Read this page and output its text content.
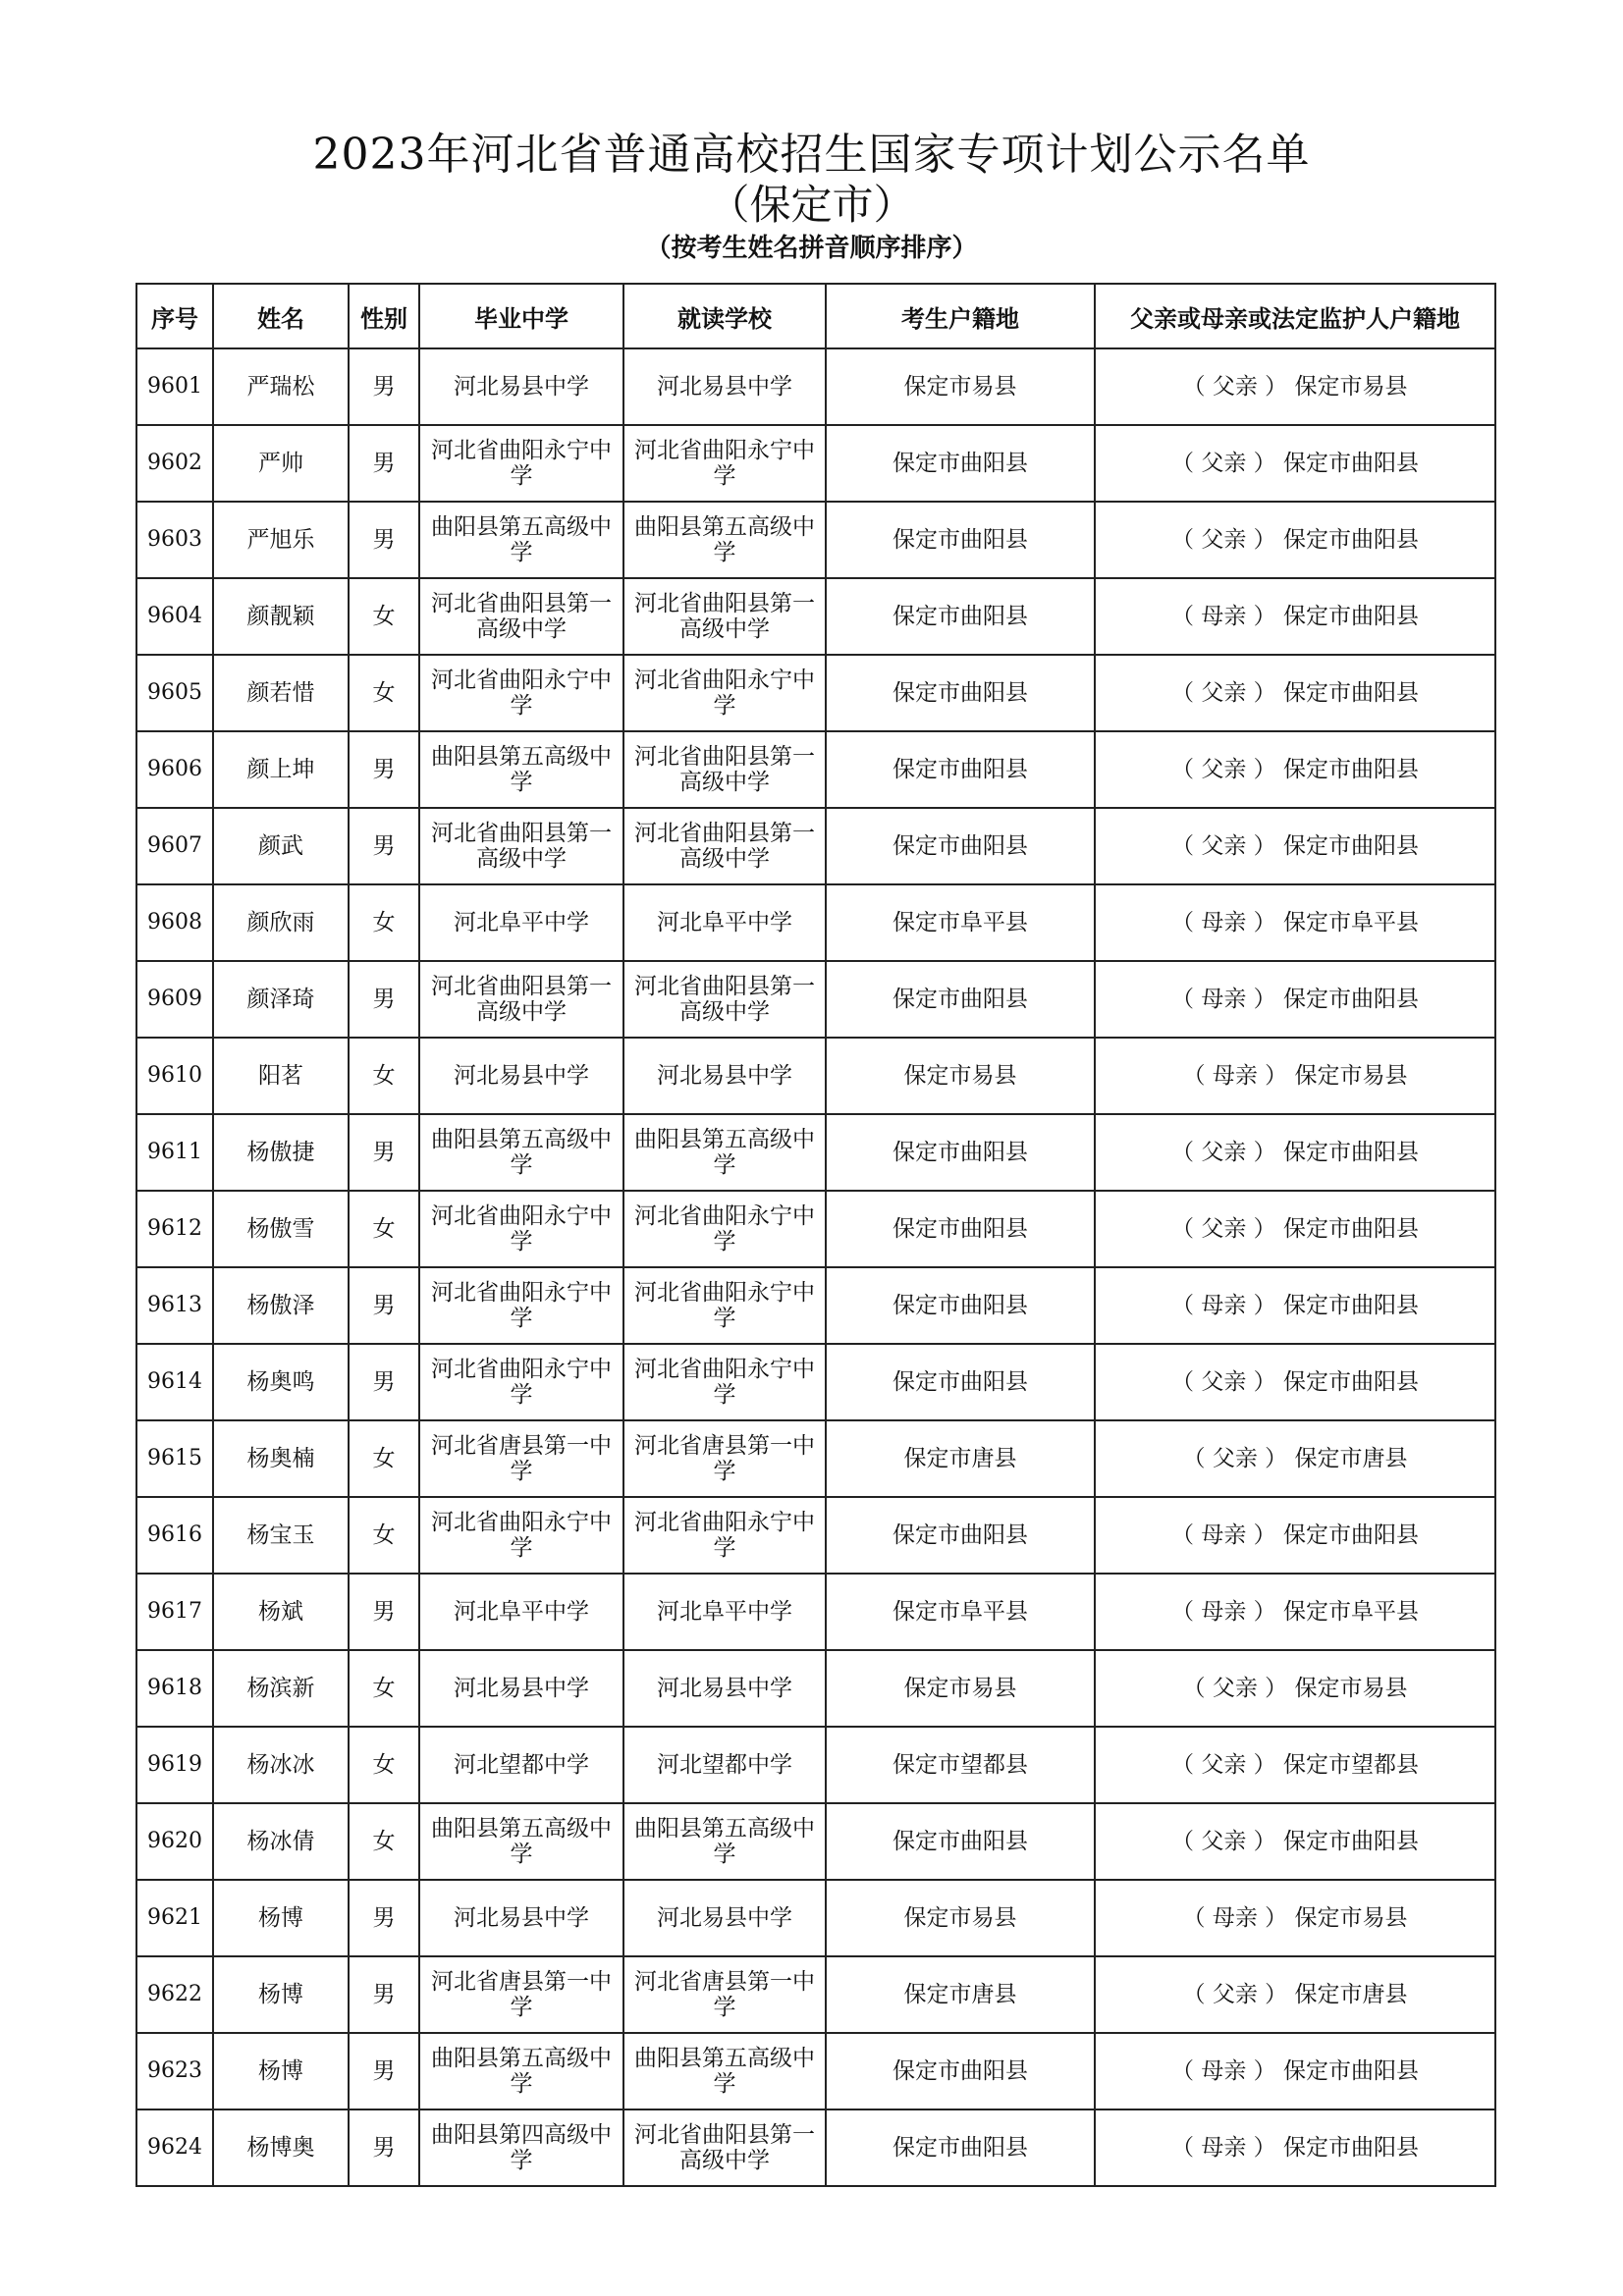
2023年河北省普通高校招生国家专项计划公示名单
（保定市）
（按考生姓名拼音顺序排序）
序号	姓名	性别	毕业中学	就读学校	考生户籍地	父亲或母亲或法定监护人户籍地
9601	严瑞松	男	河北易县中学	河北易县中学	保定市易县	（ 父亲 ） 保定市易县
9602	严帅	男	河北省曲阳永宁中学	河北省曲阳永宁中学	保定市曲阳县	（ 父亲 ） 保定市曲阳县
9603	严旭乐	男	曲阳县第五高级中学	曲阳县第五高级中学	保定市曲阳县	（ 父亲 ） 保定市曲阳县
9604	颜靓颖	女	河北省曲阳县第一高级中学	河北省曲阳县第一高级中学	保定市曲阳县	（ 母亲 ） 保定市曲阳县
9605	颜若惜	女	河北省曲阳永宁中学	河北省曲阳永宁中学	保定市曲阳县	（ 父亲 ） 保定市曲阳县
9606	颜上坤	男	曲阳县第五高级中学	河北省曲阳县第一高级中学	保定市曲阳县	（ 父亲 ） 保定市曲阳县
9607	颜武	男	河北省曲阳县第一高级中学	河北省曲阳县第一高级中学	保定市曲阳县	（ 父亲 ） 保定市曲阳县
9608	颜欣雨	女	河北阜平中学	河北阜平中学	保定市阜平县	（ 母亲 ） 保定市阜平县
9609	颜泽琦	男	河北省曲阳县第一高级中学	河北省曲阳县第一高级中学	保定市曲阳县	（ 母亲 ） 保定市曲阳县
9610	阳茗	女	河北易县中学	河北易县中学	保定市易县	（ 母亲 ） 保定市易县
9611	杨傲捷	男	曲阳县第五高级中学	曲阳县第五高级中学	保定市曲阳县	（ 父亲 ） 保定市曲阳县
9612	杨傲雪	女	河北省曲阳永宁中学	河北省曲阳永宁中学	保定市曲阳县	（ 父亲 ） 保定市曲阳县
9613	杨傲泽	男	河北省曲阳永宁中学	河北省曲阳永宁中学	保定市曲阳县	（ 母亲 ） 保定市曲阳县
9614	杨奥鸣	男	河北省曲阳永宁中学	河北省曲阳永宁中学	保定市曲阳县	（ 父亲 ） 保定市曲阳县
9615	杨奥楠	女	河北省唐县第一中学	河北省唐县第一中学	保定市唐县	（ 父亲 ） 保定市唐县
9616	杨宝玉	女	河北省曲阳永宁中学	河北省曲阳永宁中学	保定市曲阳县	（ 母亲 ） 保定市曲阳县
9617	杨斌	男	河北阜平中学	河北阜平中学	保定市阜平县	（ 母亲 ） 保定市阜平县
9618	杨滨新	女	河北易县中学	河北易县中学	保定市易县	（ 父亲 ） 保定市易县
9619	杨冰冰	女	河北望都中学	河北望都中学	保定市望都县	（ 父亲 ） 保定市望都县
9620	杨冰倩	女	曲阳县第五高级中学	曲阳县第五高级中学	保定市曲阳县	（ 父亲 ） 保定市曲阳县
9621	杨博	男	河北易县中学	河北易县中学	保定市易县	（ 母亲 ） 保定市易县
9622	杨博	男	河北省唐县第一中学	河北省唐县第一中学	保定市唐县	（ 父亲 ） 保定市唐县
9623	杨博	男	曲阳县第五高级中学	曲阳县第五高级中学	保定市曲阳县	（ 母亲 ） 保定市曲阳县
9624	杨博奥	男	曲阳县第四高级中学	河北省曲阳县第一高级中学	保定市曲阳县	（ 母亲 ） 保定市曲阳县
